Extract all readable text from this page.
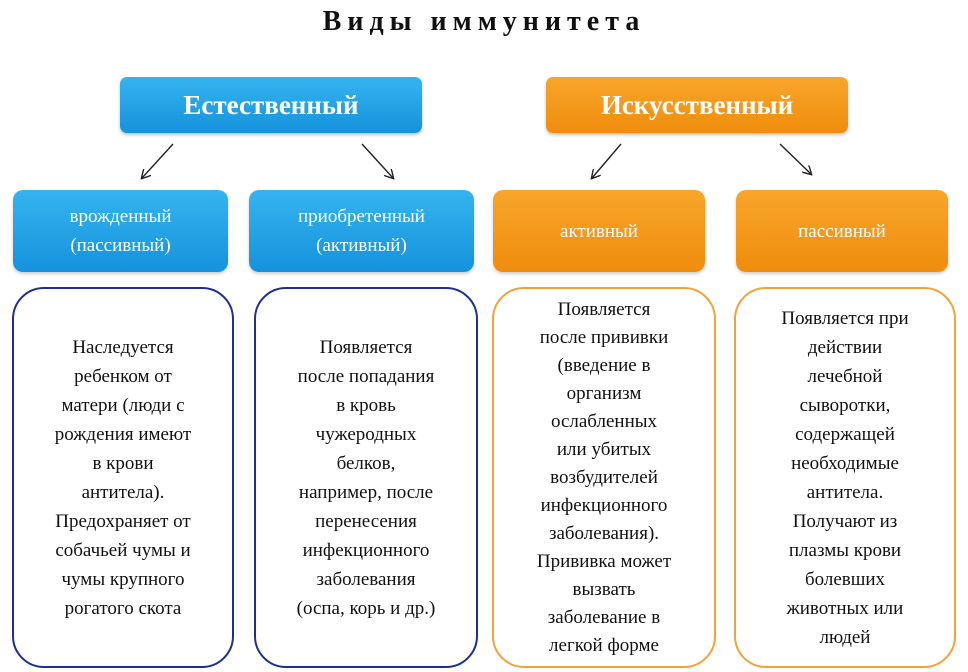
Виды иммунитета
Естественный	Искусственный
врожденный
(пассивный)
приобретенный
(активный)
активный	пассивный
Наследуется
ребенком от
матери (люди с
рождения имеют
в крови
антитела).
Предохраняет от
собачьей чумы и
чумы крупного
рогатого скота
Появляется
после попадания
в кровь
чужеродных
белков,
например, после
перенесения
инфекционного
заболевания
(оспа, корь и др.)
Появляется
после прививки
(введение в
организм
ослабленных
или убитых
возбудителей
инфекционного
заболевания).
Прививка может
вызвать
заболевание в
легкой форме
Появляется при
действии
лечебной
сыворотки,
содержащей
необходимые
антитела.
Получают из
плазмы крови
болевших
животных или
людей
